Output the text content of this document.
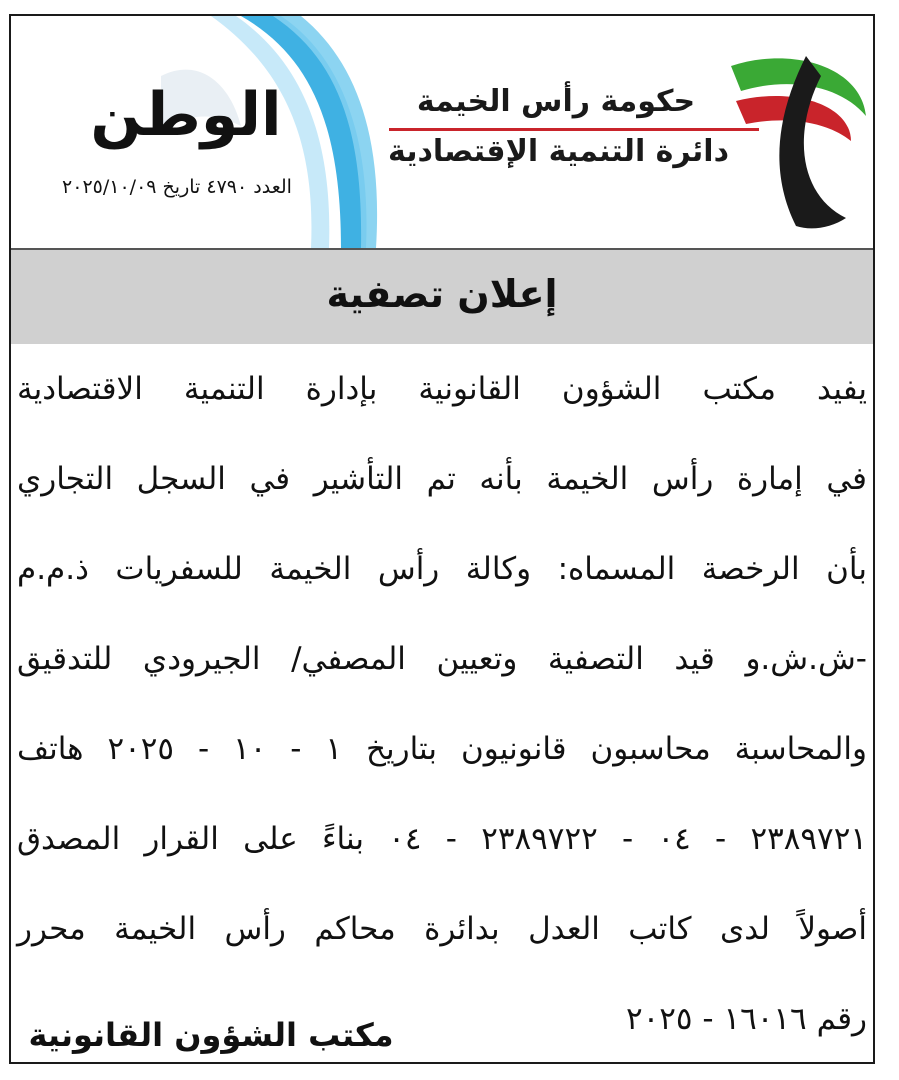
الوطن
العدد ٤٧٩٠ تاريخ ٢٠٢٥/١٠/٠٩
حكومة رأس الخيمة
دائرة التنمية الإقتصادية
إعلان تصفية
يفيد مكتب الشؤون القانونية بإدارة التنمية الاقتصادية
في إمارة رأس الخيمة بأنه تم التأشير في السجل التجاري
بأن الرخصة المسماه: وكالة رأس الخيمة للسفريات ذ.م.م
-ش.ش.و قيد التصفية وتعيين المصفي/ الجيرودي للتدقيق
والمحاسبة محاسبون قانونيون بتاريخ ١ - ١٠ - ٢٠٢٥ هاتف
٢٣٨٩٧٢١ - ٠٤ - ٢٣٨٩٧٢٢ - ٠٤ بناءً على القرار المصدق
أصولاً لدى كاتب العدل بدائرة محاكم رأس الخيمة محرر
رقم ١٦٠١٦ - ٢٠٢٥
مكتب الشؤون القانونية
